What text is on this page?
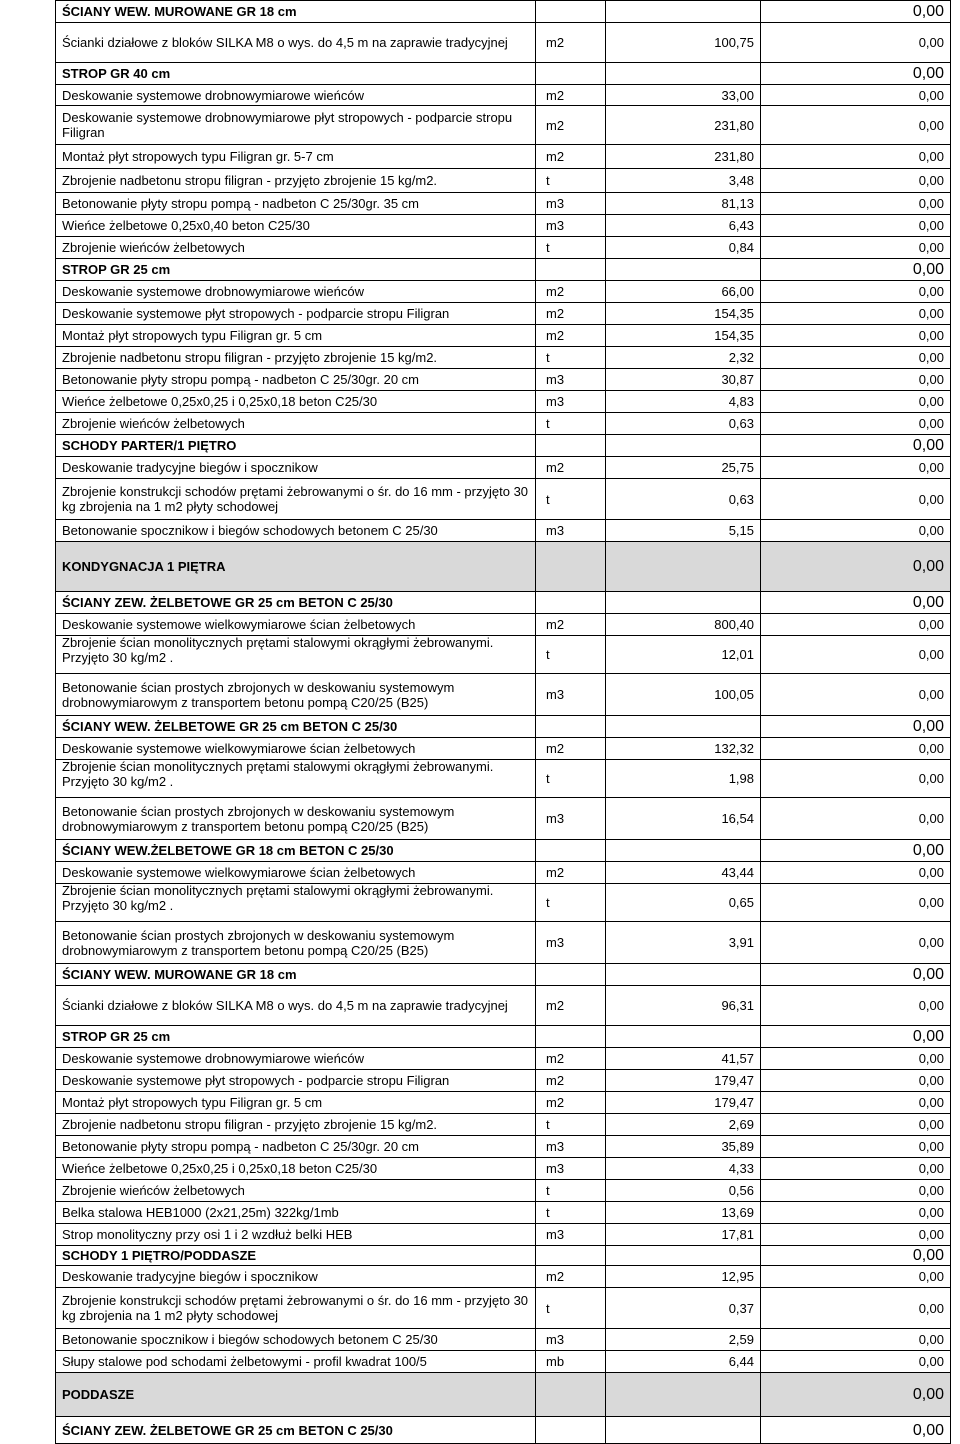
ŚCIANY WEW. MUROWANE GR 18 cm			0,00
Ścianki działowe z bloków SILKA M8 o wys. do 4,5 m na zaprawie tradycyjnej	m2	100,75	0,00
STROP GR 40 cm			0,00
Deskowanie systemowe drobnowymiarowe wieńców	m2	33,00	0,00
Deskowanie systemowe drobnowymiarowe płyt stropowych - podparcie stropu Filigran	m2	231,80	0,00
Montaż płyt stropowych typu Filigran gr. 5-7 cm	m2	231,80	0,00
Zbrojenie nadbetonu stropu filigran - przyjęto zbrojenie 15 kg/m2.	t	3,48	0,00
Betonowanie płyty stropu pompą - nadbeton C 25/30gr. 35 cm	m3	81,13	0,00
Wieńce żelbetowe 0,25x0,40 beton C25/30	m3	6,43	0,00
Zbrojenie wieńców żelbetowych	t	0,84	0,00
STROP GR 25 cm			0,00
Deskowanie systemowe drobnowymiarowe wieńców	m2	66,00	0,00
Deskowanie systemowe płyt stropowych - podparcie stropu Filigran	m2	154,35	0,00
Montaż płyt stropowych typu Filigran gr. 5 cm	m2	154,35	0,00
Zbrojenie nadbetonu stropu filigran - przyjęto zbrojenie 15 kg/m2.	t	2,32	0,00
Betonowanie płyty stropu pompą - nadbeton C 25/30gr. 20 cm	m3	30,87	0,00
Wieńce żelbetowe 0,25x0,25 i 0,25x0,18 beton C25/30	m3	4,83	0,00
Zbrojenie wieńców żelbetowych	t	0,63	0,00
SCHODY PARTER/1 PIĘTRO			0,00
Deskowanie tradycyjne biegów i spocznikow	m2	25,75	0,00
Zbrojenie konstrukcji schodów prętami żebrowanymi o śr. do 16 mm - przyjęto 30 kg zbrojenia na 1 m2 płyty schodowej	t	0,63	0,00
Betonowanie spocznikow i biegów schodowych betonem C 25/30	m3	5,15	0,00
KONDYGNACJA 1 PIĘTRA			0,00
ŚCIANY ZEW. ŻELBETOWE GR 25 cm BETON C 25/30			0,00
Deskowanie systemowe wielkowymiarowe ścian żelbetowych	m2	800,40	0,00

Zbrojenie ścian monolitycznych prętami stalowymi okrągłymi żebrowanymi. Przyjęto 30 kg/m2 .	t	12,01	0,00
Betonowanie ścian prostych zbrojonych w deskowaniu systemowym drobnowymiarowym z transportem betonu pompą C20/25 (B25)	m3	100,05	0,00
ŚCIANY WEW. ŻELBETOWE GR 25 cm BETON C 25/30			0,00
Deskowanie systemowe wielkowymiarowe ścian żelbetowych	m2	132,32	0,00

Zbrojenie ścian monolitycznych prętami stalowymi okrągłymi żebrowanymi. Przyjęto 30 kg/m2 .	t	1,98	0,00
Betonowanie ścian prostych zbrojonych w deskowaniu systemowym drobnowymiarowym z transportem betonu pompą C20/25 (B25)	m3	16,54	0,00
ŚCIANY WEW.ŻELBETOWE GR 18 cm BETON C 25/30			0,00
Deskowanie systemowe wielkowymiarowe ścian żelbetowych	m2	43,44	0,00

Zbrojenie ścian monolitycznych prętami stalowymi okrągłymi żebrowanymi. Przyjęto 30 kg/m2 .	t	0,65	0,00
Betonowanie ścian prostych zbrojonych w deskowaniu systemowym drobnowymiarowym z transportem betonu pompą C20/25 (B25)	m3	3,91	0,00
ŚCIANY WEW. MUROWANE GR 18 cm			0,00
Ścianki działowe z bloków SILKA M8 o wys. do 4,5 m na zaprawie tradycyjnej	m2	96,31	0,00
STROP GR 25 cm			0,00
Deskowanie systemowe drobnowymiarowe wieńców	m2	41,57	0,00
Deskowanie systemowe płyt stropowych - podparcie stropu Filigran	m2	179,47	0,00
Montaż płyt stropowych typu Filigran gr. 5 cm	m2	179,47	0,00
Zbrojenie nadbetonu stropu filigran - przyjęto zbrojenie 15 kg/m2.	t	2,69	0,00
Betonowanie płyty stropu pompą - nadbeton C 25/30gr. 20 cm	m3	35,89	0,00
Wieńce żelbetowe 0,25x0,25 i 0,25x0,18 beton C25/30	m3	4,33	0,00
Zbrojenie wieńców żelbetowych	t	0,56	0,00
Belka stalowa HEB1000 (2x21,25m) 322kg/1mb	t	13,69	0,00
Strop monolityczny przy osi 1 i 2 wzdłuż belki HEB	m3	17,81	0,00
SCHODY 1 PIĘTRO/PODDASZE			0,00
Deskowanie tradycyjne biegów i spocznikow	m2	12,95	0,00
Zbrojenie konstrukcji schodów prętami żebrowanymi o śr. do 16 mm - przyjęto 30 kg zbrojenia na 1 m2 płyty schodowej	t	0,37	0,00
Betonowanie spocznikow i biegów schodowych betonem C 25/30	m3	2,59	0,00
Słupy stalowe pod schodami żelbetowymi - profil kwadrat 100/5	mb	6,44	0,00
PODDASZE			0,00
ŚCIANY ZEW. ŻELBETOWE GR 25 cm BETON C 25/30			0,00
